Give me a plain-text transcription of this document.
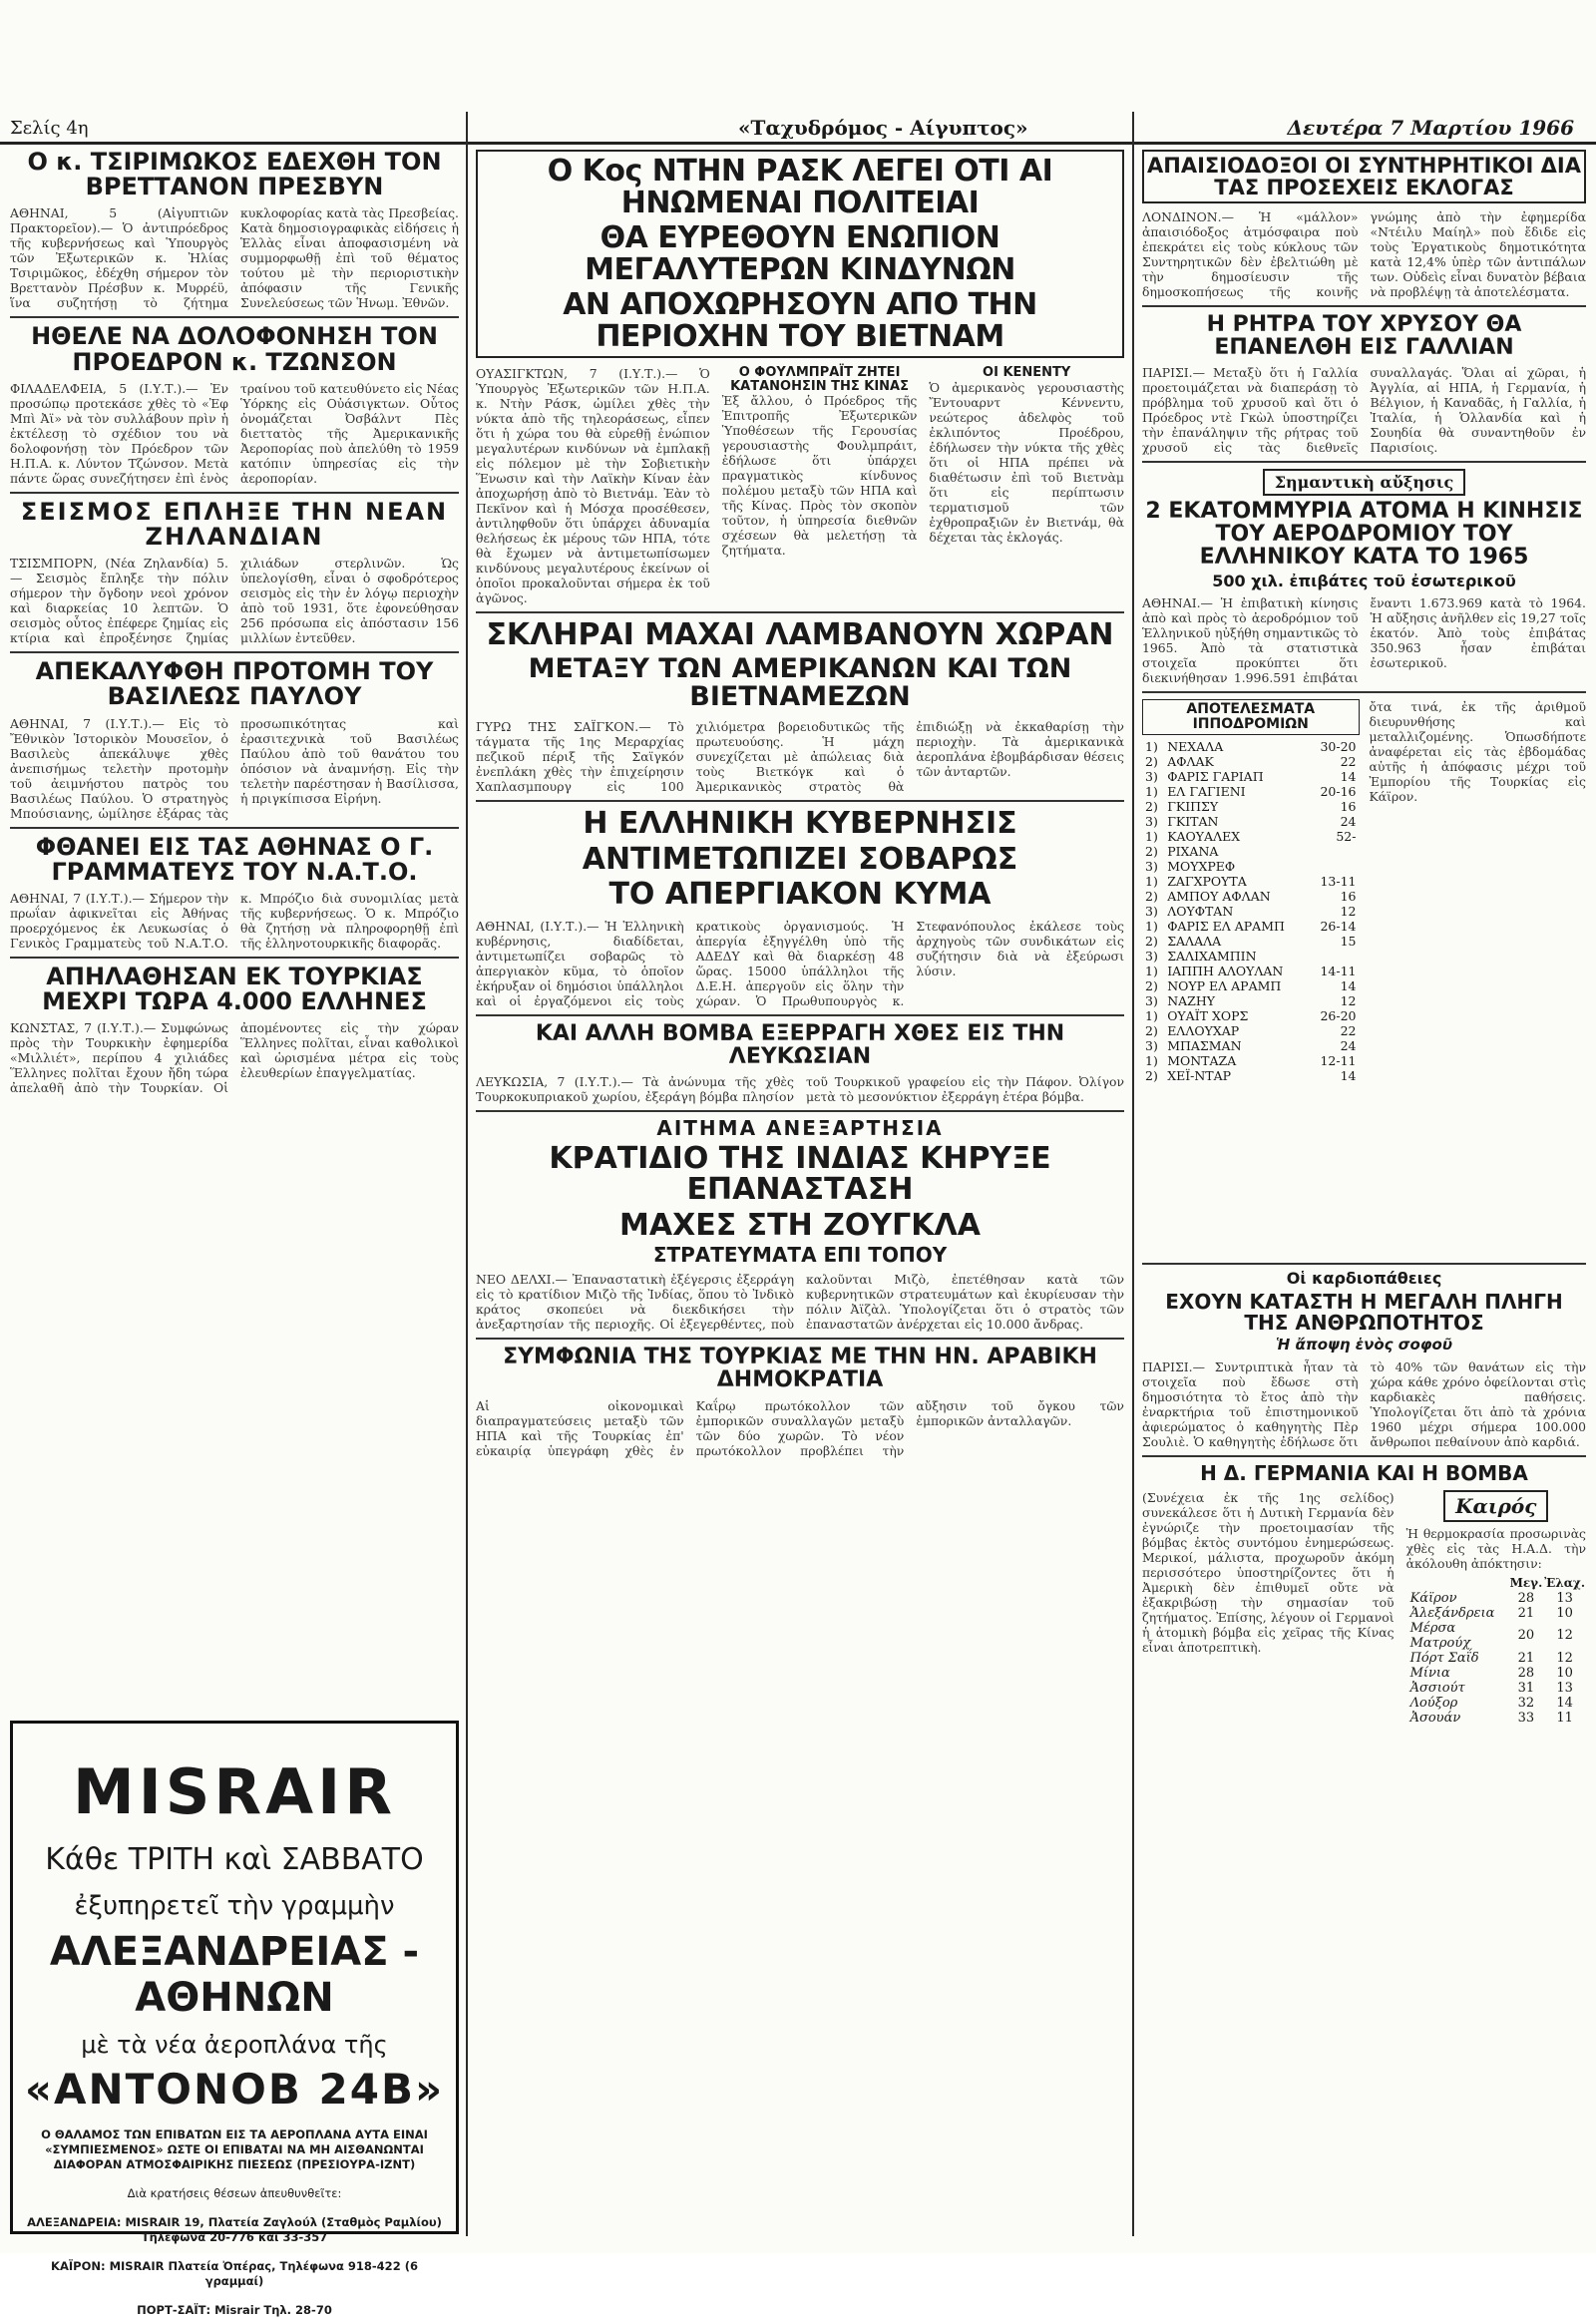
Σελίς 4η	«Ταχυδρόμος - Αίγυπτος»	Δευτέρα 7 Μαρτίου 1966
Ο κ. ΤΣΙΡΙΜΩΚΟΣ ΕΔΕΧΘΗ ΤΟΝ ΒΡΕΤΤΑΝΟΝ ΠΡΕΣΒΥΝ

ΑΘΗΝΑΙ, 5 (Αἰγυπτιῶν Πρακτορεῖον).— Ὁ ἀντιπρόεδρος τῆς κυβερνήσεως καὶ Ὑπουργὸς τῶν Ἐξωτερικῶν κ. Ἠλίας Τσιριμῶκος, ἐδέχθη σήμερον τὸν Βρεττανὸν Πρέσβυν κ. Μυρρέϋ, ἵνα συζητήσῃ τὸ ζήτημα κυκλοφορίας κατὰ τὰς Πρεσβείας. Κατὰ δημοσιογραφικὰς εἰδήσεις ἡ Ἑλλὰς εἶναι ἀποφασισμένη νὰ συμμορφωθῇ ἐπὶ τοῦ θέματος τούτου μὲ τὴν περιοριστικὴν ἀπόφασιν τῆς Γενικῆς Συνελεύσεως τῶν Ἡνωμ. Ἐθνῶν.

ΗΘΕΛΕ ΝΑ ΔΟΛΟΦΟΝΗΣΗ ΤΟΝ ΠΡΟΕΔΡΟΝ κ. ΤΖΩΝΣΟΝ

ΦΙΛΑΔΕΛΦΕΙΑ, 5 (Ι.Υ.Τ.).— Ἐν προσώπῳ προτεκάσε χθὲς τὸ «Ἐφ Μπὶ Ἀϊ» νὰ τὸν συλλάβουν πρὶν ἡ ἐκτέλεσῃ τὸ σχέδιον του νὰ δολοφονήσῃ τὸν Πρόεδρον τῶν Η.Π.Α. κ. Λύντον Τζώνσον. Μετὰ πάντε ὥρας συνεζήτησεν ἐπὶ ἑνὸς τραίνου τοῦ κατευθύνετο εἰς Νέας Ὑόρκης εἰς Οὐάσιγκτων. Οὗτος ὀνομάζεται Ὀσβάλντ Πὲς διεττατὸς τῆς Ἀμερικανικῆς Ἀεροπορίας ποὺ ἀπελύθη τὸ 1959 κατόπιν ὑπηρεσίας εἰς τὴν ἀεροπορίαν.

ΣΕΙΣΜΟΣ ΕΠΛΗΞΕ ΤΗΝ ΝΕΑΝ ΖΗΛΑΝΔΙΑΝ

ΤΣΙΣΜΠΟΡΝ, (Νέα Ζηλανδία) 5.— Σεισμὸς ἔπληξε τὴν πόλιν σήμερον τὴν ὄγδοην νεοὶ χρόνον καὶ διαρκείας 10 λεπτῶν. Ὁ σεισμὸς οὗτος ἐπέφερε ζημίας εἰς κτίρια καὶ ἐπροξένησε ζημίας χιλιάδων στερλινῶν. Ὡς ὑπελογίσθη, εἶναι ὁ σφοδρότερος σεισμὸς εἰς τὴν ἐν λόγῳ περιοχὴν ἀπὸ τοῦ 1931, ὅτε ἐφονεύθησαν 256 πρόσωπα εἰς ἀπόστασιν 156 μιλλίων ἐντεῦθεν.

ΑΠΕΚΑΛΥΦΘΗ ΠΡΟΤΟΜΗ ΤΟΥ ΒΑΣΙΛΕΩΣ ΠΑΥΛΟΥ

ΑΘΗΝΑΙ, 7 (Ι.Υ.Τ.).— Εἰς τὸ Ἔθνικὸν Ἱστορικὸν Μουσεῖον, ὁ Βασιλεὺς ἀπεκάλυψε χθὲς ἀνεπισήμως τελετὴν προτομὴν τοῦ ἀειμνήστου πατρὸς του Βασιλέως Παύλου. Ὁ στρατηγὸς Μπούσιανης, ὡμίλησε ἐξάρας τὰς προσωπικότητας καὶ ἐρασιτεχνικὰ τοῦ Βασιλέως Παύλου ἀπὸ τοῦ θανάτου του ὁπόσιον νὰ ἀναμνήσῃ. Εἰς τὴν τελετὴν παρέστησαν ἡ Βασίλισσα, ἡ πριγκίπισσα Εἰρήνη.

ΦΘΑΝΕΙ ΕΙΣ ΤΑΣ ΑΘΗΝΑΣ Ο Γ. ΓΡΑΜΜΑΤΕΥΣ ΤΟΥ Ν.Α.Τ.Ο.

ΑΘΗΝΑΙ, 7 (Ι.Υ.Τ.).— Σήμερον τὴν πρωΐαν ἀφικνεῖται εἰς Ἀθήνας προερχόμενος ἐκ Λευκωσίας ὁ Γενικὸς Γραμματεὺς τοῦ Ν.Α.Τ.Ο. κ. Μπρόζιο διὰ συνομιλίας μετὰ τῆς κυβερνήσεως. Ὁ κ. Μπρόζιο θὰ ζητήσῃ νὰ πληροφορηθῇ ἐπὶ τῆς ἑλληνοτουρκικῆς διαφορᾶς.

ΑΠΗΛΑΘΗΣΑΝ ΕΚ ΤΟΥΡΚΙΑΣ ΜΕΧΡΙ ΤΩΡΑ 4.000 ΕΛΛΗΝΕΣ

ΚΩΝΣΤΑΣ, 7 (Ι.Υ.Τ.).— Συμφώνως πρὸς τὴν Τουρκικὴν ἐφημερίδα «Μιλλιέτ», περίπου 4 χιλιάδες Ἕλληνες πολῖται ἔχουν ἤδη τώρα ἀπελαθῆ ἀπὸ τὴν Τουρκίαν. Οἱ ἀπομένοντες εἰς τὴν χώραν Ἕλληνες πολῖται, εἶναι καθολικοὶ καὶ ὡρισμένα μέτρα εἰς τοὺς ἐλευθερίων ἐπαγγελματίας.

MISRAIR
Κάθε ΤΡΙΤΗ καὶ ΣΑΒΒΑΤΟ
ἐξυπηρετεῖ τὴν γραμμὴν
ΑΛΕΞΑΝΔΡΕΙΑΣ - ΑΘΗΝΩΝ
μὲ τὰ νέα ἀεροπλάνα τῆς
«ΑΝΤΟΝΟΒ 24Β»
Ο ΘΑΛΑΜΟΣ ΤΩΝ ΕΠΙΒΑΤΩΝ ΕΙΣ ΤΑ ΑΕΡΟΠΛΑΝΑ ΑΥΤΑ ΕΙΝΑΙ «ΣΥΜΠΙΕΣΜΕΝΟΣ» ΩΣΤΕ ΟΙ ΕΠΙΒΑΤΑΙ ΝΑ ΜΗ ΑΙΣΘΑΝΩΝΤΑΙ ΔΙΑΦΟΡΑΝ ΑΤΜΟΣΦΑΙΡΙΚΗΣ ΠΙΕΣΕΩΣ (ΠΡΕΣΙΟΥΡΑ-ΙΖΝΤ)
Διὰ κρατήσεις θέσεων ἀπευθυνθεῖτε:
ΑΛΕΞΑΝΔΡΕΙΑ: MISRAIR 19, Πλατεία Ζαγλούλ (Σταθμὸς Ραμλίου) Τηλέφωνα 20-776 καὶ 33-357
ΚΑΪΡΟΝ: MISRAIR Πλατεία Ὀπέρας, Τηλέφωνα 918-422 (6 γραμμαί)
ΠΟΡΤ-ΣΑΪΤ: Misrair Τηλ. 28-70
Ο Κος ΝΤΗΝ ΡΑΣΚ ΛΕΓΕΙ ΟΤΙ ΑΙ ΗΝΩΜΕΝΑΙ ΠΟΛΙΤΕΙΑΙ
ΘΑ ΕΥΡΕΘΟΥΝ ΕΝΩΠΙΟΝ ΜΕΓΑΛΥΤΕΡΩΝ ΚΙΝΔΥΝΩΝ
ΑΝ ΑΠΟΧΩΡΗΣΟΥΝ ΑΠΟ ΤΗΝ ΠΕΡΙΟΧΗΝ ΤΟΥ ΒΙΕΤΝΑΜ

ΟΥΑΣΙΓΚΤΩΝ, 7 (Ι.Υ.Τ.).— Ὁ Ὑπουργὸς Ἐξωτερικῶν τῶν Η.Π.Α. κ. Ντὴν Ράσκ, ὡμίλει χθὲς τὴν νύκτα ἀπὸ τῆς τηλεοράσεως, εἶπεν ὅτι ἡ χώρα του θὰ εὑρεθῇ ἐνώπιον μεγαλυτέρων κινδύνων νὰ ἐμπλακῇ εἰς πόλεμον μὲ τὴν Σοβιετικὴν Ἕνωσιν καὶ τὴν Λαϊκὴν Κίναν ἐὰν ἀποχωρήσῃ ἀπὸ τὸ Βιετνάμ. Ἐὰν τὸ Πεκῖνον καὶ ἡ Μόσχα προσέθεσεν, ἀντιληφθοῦν ὅτι ὑπάρχει ἀδυναμία θελήσεως ἐκ μέρους τῶν ΗΠΑ, τότε θὰ ἔχωμεν νὰ ἀντιμετωπίσωμεν κινδύνους μεγαλυτέρους ἐκείνων οἱ ὁποῖοι προκαλοῦνται σήμερα ἐκ τοῦ ἀγῶνος.

Ο ΦΟΥΛΜΠΡΑΪΤ ΖΗΤΕΙ ΚΑΤΑΝΟΗΣΙΝ ΤΗΣ ΚΙΝΑΣ

Ἐξ ἄλλου, ὁ Πρόεδρος τῆς Ἐπιτροπῆς Ἐξωτερικῶν Ὑποθέσεων τῆς Γερουσίας γερουσιαστὴς Φουλμπράιτ, ἐδήλωσε ὅτι ὑπάρχει πραγματικὸς κίνδυνος πολέμου μεταξὺ τῶν ΗΠΑ καὶ τῆς Κίνας. Πρὸς τὸν σκοπὸν τοῦτον, ἡ ὑπηρεσία διεθνῶν σχέσεων θὰ μελετήσῃ τὰ ζητήματα.

ΟΙ ΚΕΝΕΝΤΥ

Ὁ ἀμερικανὸς γερουσιαστὴς Ἔντουαρντ Κέννεντυ, νεώτερος ἀδελφὸς τοῦ ἐκλιπόντος Προέδρου, ἐδήλωσεν τὴν νύκτα τῆς χθὲς ὅτι οἱ ΗΠΑ πρέπει νὰ διαθέτωσιν ἐπὶ τοῦ Βιετνὰμ ὅτι εἰς περίπτωσιν τερματισμοῦ τῶν ἐχθροπραξιῶν ἐν Βιετνάμ, θὰ δέχεται τὰς ἐκλογάς.

ΣΚΛΗΡΑΙ ΜΑΧΑΙ ΛΑΜΒΑΝΟΥΝ ΧΩΡΑΝ
ΜΕΤΑΞΥ ΤΩΝ ΑΜΕΡΙΚΑΝΩΝ ΚΑΙ ΤΩΝ ΒΙΕΤΝΑΜΕΖΩΝ

ΓΥΡΩ ΤΗΣ ΣΑΪΓΚΟΝ.— Τὸ τάγματα τῆς 1ης Μεραρχίας πεζικοῦ πέριξ τῆς Σαϊγκόν ἐνεπλάκη χθὲς τὴν ἐπιχείρησιν Χαπλασμπουργ εἰς 100 χιλιόμετρα βορειοδυτικῶς τῆς πρωτευούσης. Ἡ μάχη συνεχίζεται μὲ ἀπώλειας διὰ τοὺς Βιετκόγκ καὶ ὁ Ἀμερικανικὸς στρατὸς θὰ ἐπιδιώξῃ νὰ ἐκκαθαρίσῃ τὴν περιοχὴν. Τὰ ἀμερικανικὰ ἀεροπλάνα ἐβομβάρδισαν θέσεις τῶν ἀνταρτῶν.

Η ΕΛΛΗΝΙΚΗ ΚΥΒΕΡΝΗΣΙΣ
ΑΝΤΙΜΕΤΩΠΙΖΕΙ ΣΟΒΑΡΩΣ
ΤΟ ΑΠΕΡΓΙΑΚΟΝ ΚΥΜΑ

ΑΘΗΝΑΙ, (Ι.Υ.Τ.).— Ἡ Ἑλληνικὴ κυβέρνησις, διαδίδεται, ἀντιμετωπίζει σοβαρῶς τὸ ἀπεργιακὸν κῦμα, τὸ ὁποῖον ἐκήρυξαν οἱ δημόσιοι ὑπάλληλοι καὶ οἱ ἐργαζόμενοι εἰς τοὺς κρατικοὺς ὀργανισμούς. Ἡ ἀπεργία ἐξηγγέλθη ὑπὸ τῆς ΑΔΕΔΥ καὶ θὰ διαρκέσῃ 48 ὥρας. 15000 ὑπάλληλοι τῆς Δ.Ε.Η. ἀπεργοῦν εἰς ὅλην τὴν χώραν. Ὁ Πρωθυπουργὸς κ. Στεφανόπουλος ἐκάλεσε τοὺς ἀρχηγοὺς τῶν συνδικάτων εἰς συζήτησιν διὰ νὰ ἐξεύρωσι λύσιν.

ΚΑΙ ΑΛΛΗ ΒΟΜΒΑ ΕΞΕΡΡΑΓΗ ΧΘΕΣ ΕΙΣ ΤΗΝ ΛΕΥΚΩΣΙΑΝ

ΛΕΥΚΩΣΙΑ, 7 (Ι.Υ.Τ.).— Τὰ ἀνώνυμα τῆς χθὲς Τουρκοκυπριακοῦ χωρίου, ἐξεράγη βόμβα πλησίον τοῦ Τουρκικοῦ γραφείου εἰς τὴν Πάφον. Ὀλίγον μετὰ τὸ μεσονύκτιον ἐξερράγη ἑτέρα βόμβα.

ΑΙΤΗΜΑ ΑΝΕΞΑΡΤΗΣΙΑ
ΚΡΑΤΙΔΙΟ ΤΗΣ ΙΝΔΙΑΣ ΚΗΡΥΞΕ ΕΠΑΝΑΣΤΑΣΗ
ΜΑΧΕΣ ΣΤΗ ΖΟΥΓΚΛΑ
ΣΤΡΑΤΕΥΜΑΤΑ ΕΠΙ ΤΟΠΟΥ

ΝΕΟ ΔΕΛΧΙ.— Ἐπαναστατικὴ ἐξέγερσις ἐξερράγη εἰς τὸ κρατίδιον Μιζὸ τῆς Ἰνδίας, ὅπου τὸ Ἰνδικὸ κράτος σκοπεύει νὰ διεκδικήσει τὴν ἀνεξαρτησίαν τῆς περιοχῆς. Οἱ ἐξεγερθέντες, ποὺ καλοῦνται Μιζὸ, ἐπετέθησαν κατὰ τῶν κυβερνητικῶν στρατευμάτων καὶ ἐκυρίευσαν τὴν πόλιν Ἀϊζὰλ. Ὑπολογίζεται ὅτι ὁ στρατὸς τῶν ἐπαναστατῶν ἀνέρχεται εἰς 10.000 ἄνδρας.

ΣΥΜΦΩΝΙΑ ΤΗΣ ΤΟΥΡΚΙΑΣ ΜΕ ΤΗΝ ΗΝ. ΑΡΑΒΙΚΗ ΔΗΜΟΚΡΑΤΙΑ

Αἱ οἰκονομικαὶ διαπραγματεύσεις μεταξὺ τῶν ΗΠΑ καὶ τῆς Τουρκίας ἐπ' εὐκαιρίᾳ ὑπεγράφη χθὲς ἐν Καΐρῳ πρωτόκολλον τῶν ἐμπορικῶν συναλλαγῶν μεταξὺ τῶν δύο χωρῶν. Τὸ νέον πρωτόκολλον προβλέπει τὴν αὔξησιν τοῦ ὄγκου τῶν ἐμπορικῶν ἀνταλλαγῶν.

ΑΠΑΙΣΙΟΔΟΞΟΙ ΟΙ ΣΥΝΤΗΡΗΤΙΚΟΙ ΔΙΑ ΤΑΣ ΠΡΟΣΕΧΕΙΣ ΕΚΛΟΓΑΣ

ΛΟΝΔΙΝΟΝ.— Ἡ «μάλλον» ἀπαισιόδοξος ἀτμόσφαιρα ποὺ ἐπεκράτει εἰς τοὺς κύκλους τῶν Συντηρητικῶν δὲν ἐβελτιώθη μὲ τὴν δημοσίευσιν τῆς δημοσκοπήσεως τῆς κοινῆς γνώμης ἀπὸ τὴν ἐφημερίδα «Ντέιλυ Μαίηλ» ποὺ ἔδιδε εἰς τοὺς Ἐργατικοὺς δημοτικότητα κατὰ 12,4% ὑπὲρ τῶν ἀντιπάλων των. Οὐδεὶς εἶναι δυνατὸν βέβαια νὰ προβλέψῃ τὰ ἀποτελέσματα.

Η ΡΗΤΡΑ ΤΟΥ ΧΡΥΣΟΥ ΘΑ ΕΠΑΝΕΛΘΗ ΕΙΣ ΓΑΛΛΙΑΝ

ΠΑΡΙΣΙ.— Μεταξὺ ὅτι ἡ Γαλλία προετοιμάζεται νὰ διαπεράσῃ τὸ πρόβλημα τοῦ χρυσοῦ καὶ ὅτι ὁ Πρόεδρος ντὲ Γκὼλ ὑποστηρίζει τὴν ἐπανάληψιν τῆς ρήτρας τοῦ χρυσοῦ εἰς τὰς διεθνεῖς συναλλαγάς. Ὅλαι αἱ χῶραι, ἡ Ἀγγλία, αἱ ΗΠΑ, ἡ Γερμανία, ἡ Βέλγιον, ἡ Καναδᾶς, ἡ Γαλλία, ἡ Ἰταλία, ἡ Ὁλλανδία καὶ ἡ Σουηδία θὰ συναντηθοῦν ἐν Παρισίοις.

Σημαντικὴ αὔξησις
2 ΕΚΑΤΟΜΜΥΡΙΑ ΑΤΟΜΑ Η ΚΙΝΗΣΙΣ ΤΟΥ ΑΕΡΟΔΡΟΜΙΟΥ ΤΟΥ ΕΛΛΗΝΙΚΟΥ ΚΑΤΑ ΤΟ 1965
500 χιλ. ἐπιβάτες τοῦ ἐσωτερικοῦ

ΑΘΗΝΑΙ.— Ἡ ἐπιβατικὴ κίνησις ἀπὸ καὶ πρὸς τὸ ἀεροδρόμιον τοῦ Ἑλληνικοῦ ηὐξήθη σημαντικῶς τὸ 1965. Ἀπὸ τὰ στατιστικὰ στοιχεῖα προκύπτει ὅτι διεκινήθησαν 1.996.591 ἐπιβάται ἔναντι 1.673.969 κατὰ τὸ 1964. Ἡ αὔξησις ἀνῆλθεν εἰς 19,27 τοῖς ἑκατόν. Ἀπὸ τοὺς ἐπιβάτας 350.963 ἦσαν ἐπιβάται ἐσωτερικοῦ.

ΑΠΟΤΕΛΕΣΜΑΤΑ ΙΠΠΟΔΡΟΜΙΩΝ
1)	ΝΕΧΑΛΑ	30-20
2)	ΑΦΛΑΚ	22
3)	ΦΑΡΙΣ ΓΑΡΙΑΠ	14
1)	ΕΛ ΓΑΓΙΕΝΙ	20-16
2)	ΓΚΙΠΣΥ	16
3)	ΓΚΙΤΑΝ	24
1)	ΚΑΟΥΑΛΕΧ	52-
2)	ΡΙΧΑΝΑ	
3)	ΜΟΥΧΡΕΦ	
1)	ΖΑΓΧΡΟΥΤΑ	13-11
2)	ΑΜΠΟΥ ΑΦΛΑΝ	16
3)	ΛΟΥΦΤΑΝ	12
1)	ΦΑΡΙΣ ΕΛ ΑΡΑΜΠ	26-14
2)	ΣΑΛΑΛΑ	15
3)	ΣΑΛΙΧΑΜΠΙΝ	
1)	ΙΑΠΠΗ ΑΛΟΥΛΑΝ	14-11
2)	ΝΟΥΡ ΕΛ ΑΡΑΜΠ	14
3)	ΝΑΖΗΥ	12
1)	ΟΥΑΪΤ ΧΟΡΣ	26-20
2)	ΕΛΛΟΥΧΑΡ	22
3)	ΜΠΑΣΜΑΝ	24
1)	ΜΟΝΤΑΖΑ	12-11
2)	ΧΕΪ-ΝΤΑΡ	14

ὄτα τινά, ἐκ τῆς ἀριθμοῦ διευρυνθήσης καὶ μεταλλιζομένης. Ὁπωσδήποτε ἀναφέρεται εἰς τὰς ἐβδομάδας αὐτῆς ἡ ἀπόφασις μέχρι τοῦ Ἐμπορίου τῆς Τουρκίας εἰς Κάϊρον.

Οἱ καρδιοπάθειες
ΕΧΟΥΝ ΚΑΤΑΣΤΗ Η ΜΕΓΑΛΗ ΠΛΗΓΗ ΤΗΣ ΑΝΘΡΩΠΟΤΗΤΟΣ
Ἡ ἄποψη ἑνὸς σοφοῦ

ΠΑΡΙΣΙ.— Συντριπτικὰ ἦταν τὰ στοιχεῖα ποὺ ἔδωσε στὴ δημοσιότητα τὸ ἔτος ἀπὸ τὴν ἐναρκτήρια τοῦ ἐπιστημονικοῦ ἀφιερώματος ὁ καθηγητὴς Πὲρ Σουλιὲ. Ὁ καθηγητὴς ἐδήλωσε ὅτι τὸ 40% τῶν θανάτων εἰς τὴν χώρα κάθε χρόνο ὀφείλονται στὶς καρδιακὲς παθήσεις. Ὑπολογίζεται ὅτι ἀπὸ τὰ χρόνια 1960 μέχρι σήμερα 100.000 ἄνθρωποι πεθαίνουν ἀπὸ καρδιά.

Η Δ. ΓΕΡΜΑΝΙΑ ΚΑΙ Η ΒΟΜΒΑ

(Συνέχεια ἐκ τῆς 1ης σελίδος) συνεκάλεσε ὅτι ἡ Δυτικὴ Γερμανία δὲν ἐγνώριζε τὴν προετοιμασίαν τῆς βόμβας ἐκτὸς συντόμου ἐνημερώσεως. Μερικοί, μάλιστα, προχωροῦν ἀκόμη περισσότερο ὑποστηρίζοντες ὅτι ἡ Ἀμερικὴ δὲν ἐπιθυμεῖ οὔτε νὰ ἐξακριβώσῃ τὴν σημασίαν τοῦ ζητήματος. Ἐπίσης, λέγουν οἱ Γερμανοὶ ἡ ἀτομικὴ βόμβα εἰς χεῖρας τῆς Κίνας εἶναι ἀποτρεπτικὴ.

Καιρός

Ἡ θερμοκρασία προσωρινὰς χθὲς εἰς τὰς Η.Α.Δ. τὴν ἀκόλουθη ἀπόκτησιν:

	Μεγ.	Ἐλαχ.
Κάϊρον	28	13
Ἀλεξάνδρεια	21	10
Μέρσα Ματρούχ	20	12
Πόρτ Σαΐδ	21	12
Μίνια	28	10
Ἀσσιούτ	31	13
Λούξορ	32	14
Ἀσουάν	33	11
